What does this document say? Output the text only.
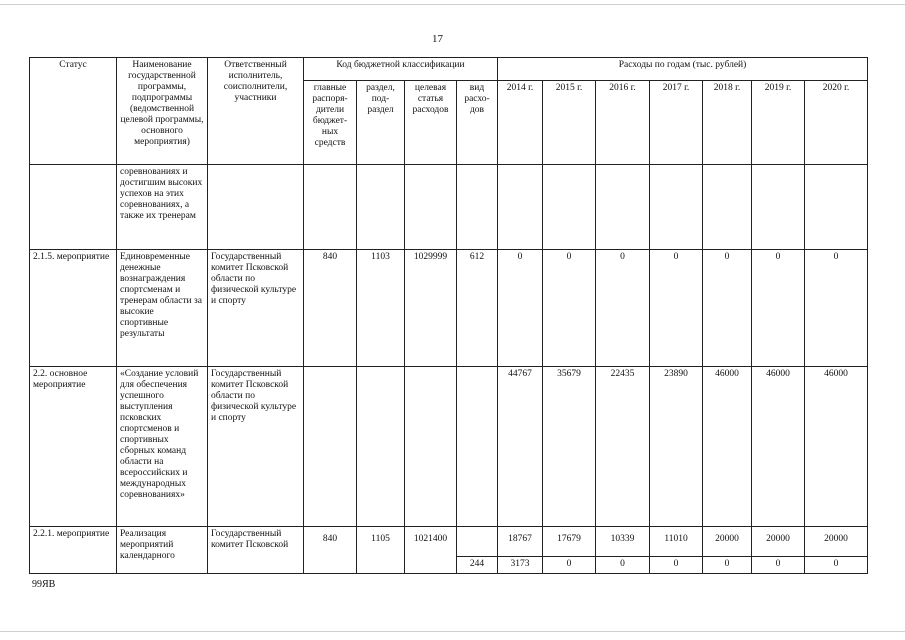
17
Статус	Наименование государственной программы, подпрограммы (ведомственной целевой программы, основного мероприятия)	Ответственный исполнитель, соисполнители, участники	Код бюджетной классификации				Расходы по годам (тыс. рублей)						
			главные распоря-дители бюджет-ных средств	раздел, под-раздел	целевая статья расходов	вид расхо-дов	2014 г.	2015 г.	2016 г.	2017 г.	2018 г.	2019 г.	2020 г.
	соревнованиях и достигшим высоких успехов на этих соревнованиях, а также их тренерам												
2.1.5. мероприятие	Единовременные денежные вознаграждения спортсменам и тренерам области за высокие спортивные результаты	Государственный комитет Псковской области по физической культуре и спорту	840	1103	1029999	612	0	0	0	0	0	0	0
2.2. основное мероприятие	«Создание условий для обеспечения успешного выступления псковских спортсменов и спортивных сборных команд области на всероссийских и международных соревнованиях»	Государственный комитет Псковской области по физической культуре и спорту					44767	35679	22435	23890	46000	46000	46000
2.2.1. мероприятие	Реализация мероприятий календарного	Государственный комитет Псковской	840	1105	1021400		18767	17679	10339	11010	20000	20000	20000
						244	3173	0	0	0	0	0	0
99ЯВ
